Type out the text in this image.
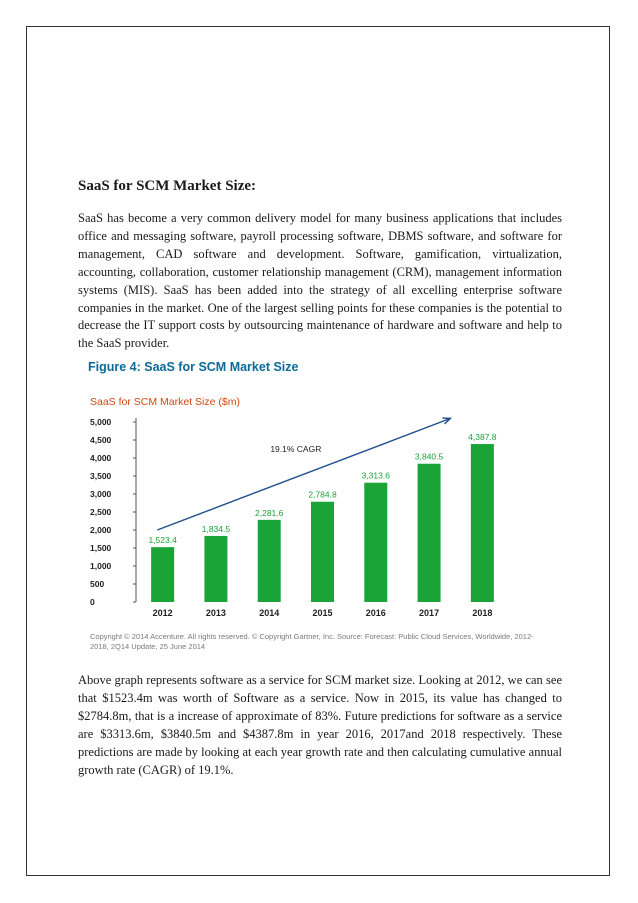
SaaS for SCM Market Size:

SaaS has become a very common delivery model for many business applications that includes office and messaging software, payroll processing software, DBMS software, and software for management, CAD software and development. Software, gamification, virtualization, accounting, collaboration, customer relationship management (CRM), management information systems (MIS). SaaS has been added into the strategy of all excelling enterprise software companies in the market. One of the largest selling points for these companies is the potential to decrease the IT support costs by outsourcing maintenance of hardware and software and help to the SaaS provider.

Figure 4: SaaS for SCM Market Size
SaaS for SCM Market Size ($m)
0
500
1,000
1,500
2,000
2,500
3,000
3,500
4,000
4,500
5,000
1,523.4
2012
1,834.5
2013
2,281.6
2014
2,784.8
2015
3,313.6
2016
3,840.5
2017
4,387.8
2018
19.1% CAGR

Copyright © 2014 Accenture. All rights reserved. © Copyright Gartner, Inc. Source: Forecast: Public Cloud Services, Worldwide, 2012-2018, 2Q14 Update, 25 June 2014

Above graph represents software as a service for SCM market size. Looking at 2012, we can see that $1523.4m was worth of Software as a service. Now in 2015, its value has changed to $2784.8m, that is a increase of approximate of 83%. Future predictions for software as a service are $3313.6m, $3840.5m and $4387.8m in year 2016, 2017and 2018 respectively. These predictions are made by looking at each year growth rate and then calculating cumulative annual growth rate (CAGR) of 19.1%.
